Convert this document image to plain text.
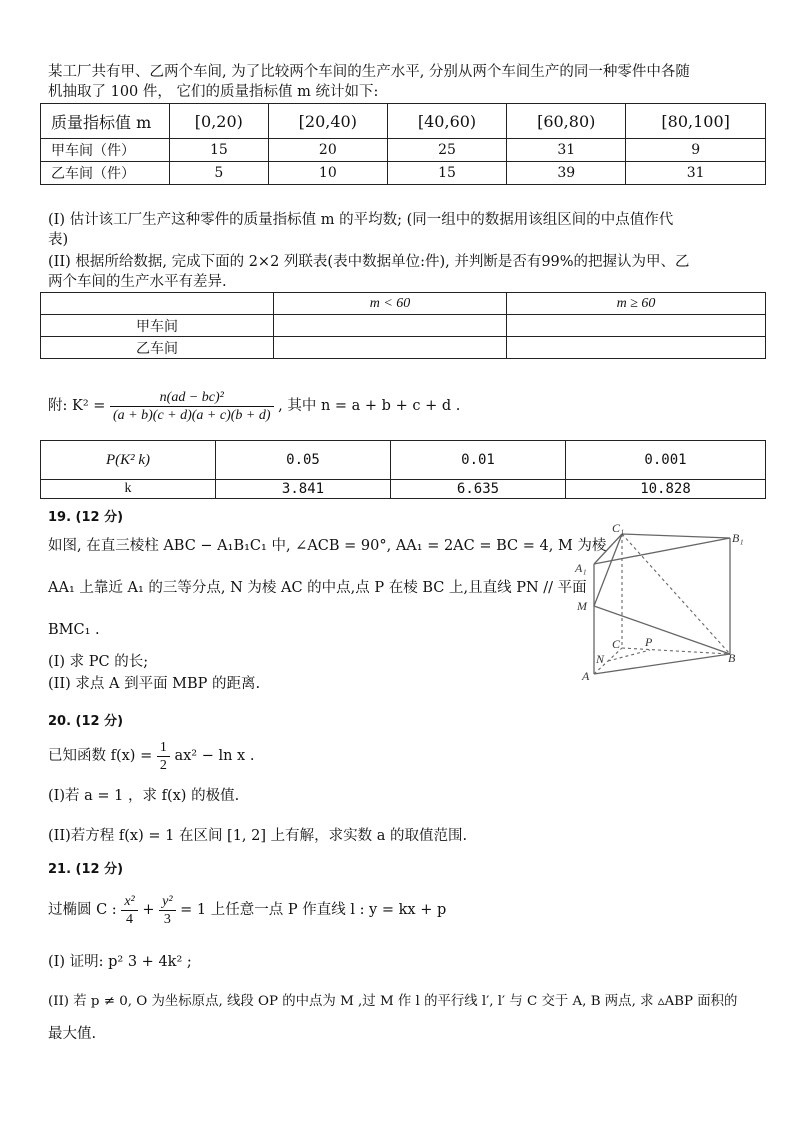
某工厂共有甲、乙两个车间, 为了比较两个车间的生产水平, 分别从两个车间生产的同一种零件中各随
机抽取了 100 件， 它们的质量指标值 m 统计如下:
质量指标值 m	[0,20)	[20,40)	[40,60)	[60,80)	[80,100]
甲车间（件）	15	20	25	31	9
乙车间（件）	5	10	15	39	31
(I) 估计该工厂生产这种零件的质量指标值 m 的平均数; (同一组中的数据用该组区间的中点值作代
表)
(II) 根据所给数据, 完成下面的 2×2 列联表(表中数据单位:件), 并判断是否有99%的把握认为甲、乙
两个车间的生产水平有差异.
	m < 60	m ≥ 60
甲车间		
乙车间		
附: $K^2 = \frac{\text{n(ad − bc)²}}{(a + b)(c + d)(a + c)(b + d)}$ , 其中 n = a + b + c + d .
P(K² k)	0.05	0.01	0.001
k	3.841	6.635	10.828
19. (12 分)
如图, 在直三棱柱 ABC − A₁B₁C₁ 中, ∠ACB = 90°, AA₁ = 2AC = BC = 4, M 为棱
AA₁ 上靠近 A₁ 的三等分点, N 为棱 AC 的中点,点 P 在棱 BC 上,且直线 PN // 平面
BMC₁ .
(I) 求 PC 的长;
(II) 求点 A 到平面 MBP 的距离.
C₁
B₁
A₁
M
P
C
N
A
B
20. (12 分)
已知函数 $f(x) = \frac{1}{2} ax^2 - \ln x$ .
(I)若 a = 1 ，求 f(x) 的极值.
(II)若方程 f(x) = 1 在区间 [1, 2] 上有解，求实数 a 的取值范围.
21. (12 分)
过椭圆 C : $\frac{\text{x²}}{4} + \frac{\text{y²}}{3} = 1$ 上任意一点 P 作直线 l : y = kx + p
(I) 证明: p² 3 + 4k² ;
(II) 若 p ≠ 0, O 为坐标原点, 线段 OP 的中点为 M ,过 M 作 l 的平行线 l′, l′ 与 C 交于 A, B 两点, 求 ▵ABP 面积的
最大值.
